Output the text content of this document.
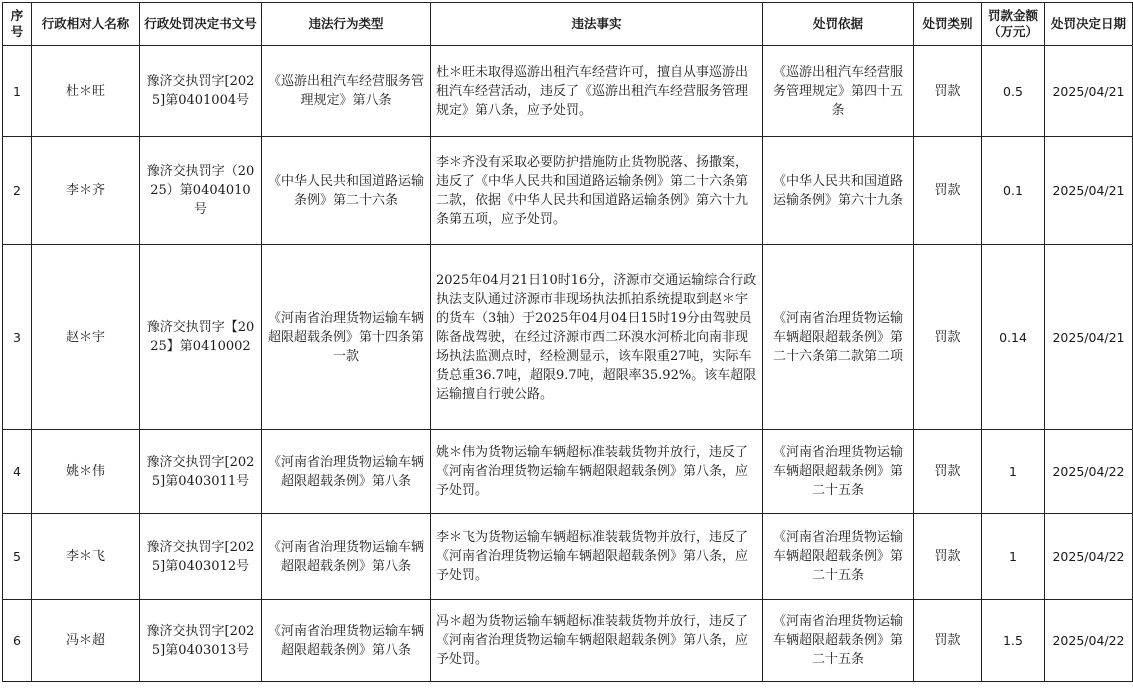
序号	行政相对人名称	行政处罚决定书文号	违法行为类型	违法事实	处罚依据	处罚类别	罚款金额（万元）	处罚决定日期
1	杜＊旺	豫济交执罚字[2025]第0401004号	《巡游出租汽车经营服务管理规定》第八条	杜＊旺未取得巡游出租汽车经营许可，擅自从事巡游出租汽车经营活动，违反了《巡游出租汽车经营服务管理规定》第八条，应予处罚。	《巡游出租汽车经营服务管理规定》第四十五条	罚款	0.5	2025/04/21
2	李＊齐	豫济交执罚字（2025）第0404010号	《中华人民共和国道路运输条例》第二十六条	李＊齐没有采取必要防护措施防止货物脱落、扬撒案，违反了《中华人民共和国道路运输条例》第二十六条第二款，依据《中华人民共和国道路运输条例》第六十九条第五项，应予处罚。	《中华人民共和国道路运输条例》第六十九条	罚款	0.1	2025/04/21
3	赵＊宇	豫济交执罚字【2025】第0410002	《河南省治理货物运输车辆超限超载条例》第十四条第一款	2025年04月21日10时16分，济源市交通运输综合行政执法支队通过济源市非现场执法抓拍系统提取到赵＊宇的货车（3轴）于2025年04月04日15时19分由驾驶员陈备战驾驶，在经过济源市西二环溴水河桥北向南非现场执法监测点时，经检测显示，该车限重27吨，实际车货总重36.7吨，超限9.7吨，超限率35.92%。该车超限运输擅自行驶公路。	《河南省治理货物运输车辆超限超载条例》第二十六条第二款第二项	罚款	0.14	2025/04/21
4	姚＊伟	豫济交执罚字[2025]第0403011号	《河南省治理货物运输车辆超限超载条例》第八条	姚＊伟为货物运输车辆超标准装载货物并放行，违反了《河南省治理货物运输车辆超限超载条例》第八条，应予处罚。	《河南省治理货物运输车辆超限超载条例》第二十五条	罚款	1	2025/04/22
5	李＊飞	豫济交执罚字[2025]第0403012号	《河南省治理货物运输车辆超限超载条例》第八条	李＊飞为货物运输车辆超标准装载货物并放行，违反了《河南省治理货物运输车辆超限超载条例》第八条，应予处罚。	《河南省治理货物运输车辆超限超载条例》第二十五条	罚款	1	2025/04/22
6	冯＊超	豫济交执罚字[2025]第0403013号	《河南省治理货物运输车辆超限超载条例》第八条	冯＊超为货物运输车辆超标准装载货物并放行，违反了《河南省治理货物运输车辆超限超载条例》第八条，应予处罚。	《河南省治理货物运输车辆超限超载条例》第二十五条	罚款	1.5	2025/04/22
